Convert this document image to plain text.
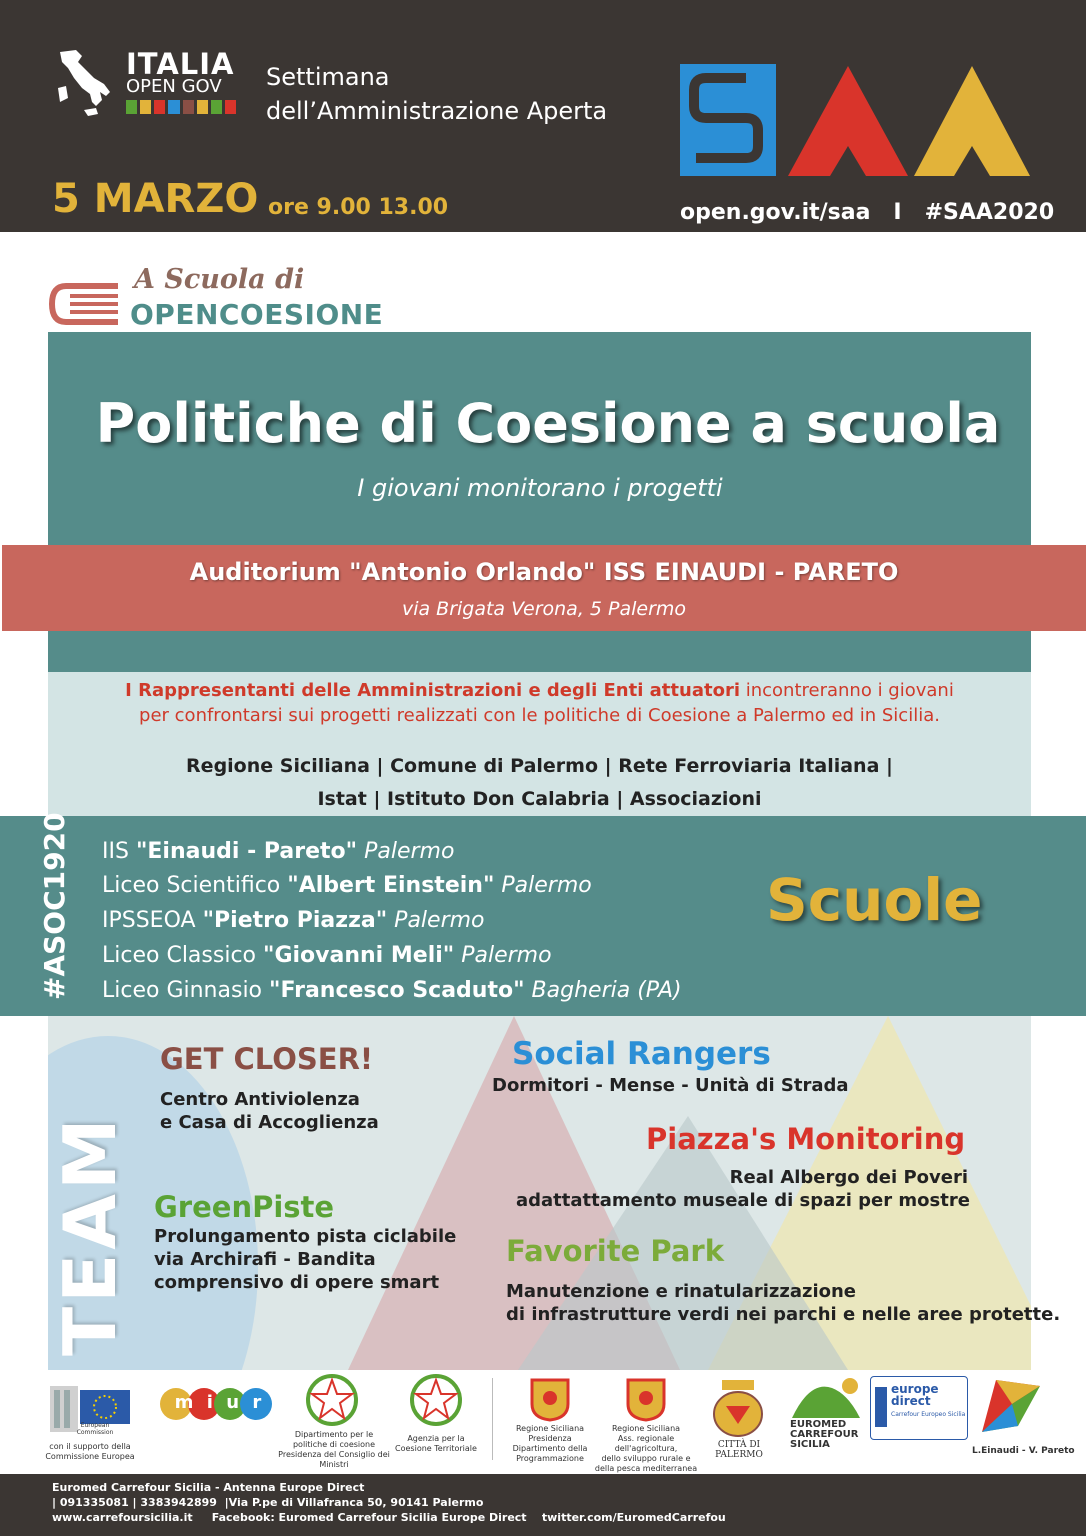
ITALIA
OPEN GOV Settimana
dell’Amministrazione Aperta
5 MARZO ore 9.00 13.00	open.gov.it/saa   I   #SAA2020
A Scuola di
OPENCOESIONE
Politiche di Coesione a scuola
I giovani monitorano i progetti
Auditorium "Antonio Orlando" ISS EINAUDI - PARETO
via Brigata Verona, 5 Palermo
I Rappresentanti delle Amministrazioni e degli Enti attuatori incontreranno i giovani
per confrontarsi sui progetti realizzati con le politiche di Coesione a Palermo ed in Sicilia.
Regione Siciliana | Comune di Palermo | Rete Ferroviaria Italiana |
Istat | Istituto Don Calabria | Associazioni
#ASOC1920 IIS "Einaudi - Pareto" Palermo
Liceo Scientifico "Albert Einstein" Palermo
IPSSEOA "Pietro Piazza" Palermo
Liceo Classico "Giovanni Meli" Palermo
Liceo Ginnasio "Francesco Scaduto" Bagheria (PA)
Scuole
TEAM
GET CLOSER!
Centro Antiviolenza
e Casa di Accoglienza
Social Rangers
Dormitori - Mense - Unità di Strada
Piazza's Monitoring
Real Albergo dei Poveri
adattattamento museale di spazi per mostre
GreenPiste
Prolungamento pista ciclabile
via Archirafi - Bandita
comprensivo di opere smart
Favorite Park
Manutenzione e rinatularizzazione
di infrastrutture verdi nei parchi e nelle aree protette.
European
Commission
con il supporto della
Commissione Europea
m i u r
Dipartimento per le
politiche di coesione
Presidenza del Consiglio dei Ministri
Agenzia per la
Coesione Territoriale
Regione Siciliana
Presidenza
Dipartimento della
Programmazione
Regione Siciliana
Ass. regionale dell'agricoltura,
dello sviluppo rurale e
della pesca mediterranea
CITTÀ DI
PALERMO
EUROMED
CARREFOUR
SICILIA
europe
direct
Carrefour Europeo Sicilia
L.Einaudi - V. Pareto
Euromed Carrefour Sicilia - Antenna Europe Direct
| 091335081 | 3383942899  |Via P.pe di Villafranca 50, 90141 Palermo
www.carrefoursicilia.it     Facebook: Euromed Carrefour Sicilia Europe Direct    twitter.com/EuromedCarrefou
